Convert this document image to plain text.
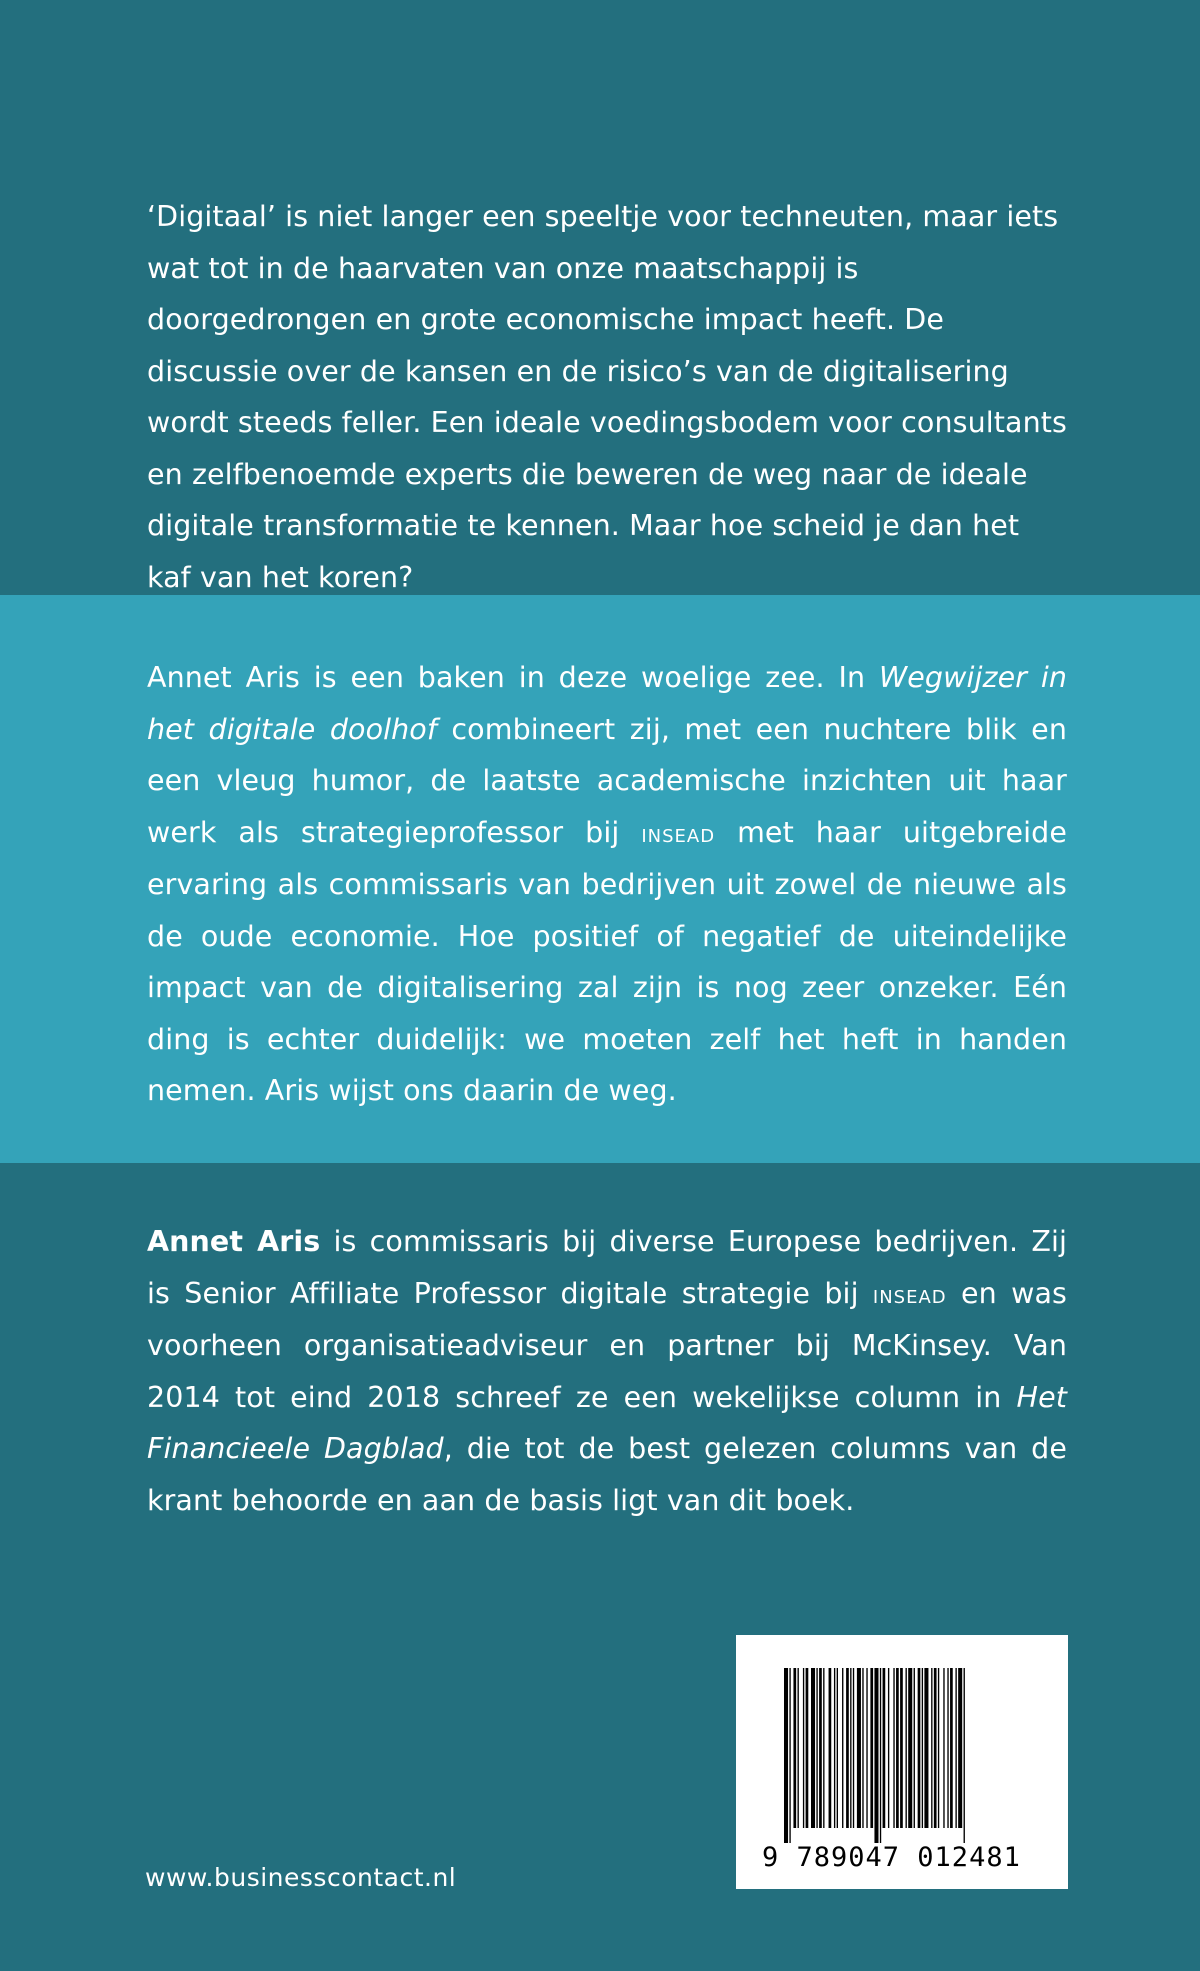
‘Digitaal’ is niet langer een speeltje voor techneuten, maar iets wat tot in de haarvaten van onze maatschappij is doorgedrongen en grote economische impact heeft. De discussie over de kansen en de risico’s van de digitalisering wordt steeds feller. Een ideale voedingsbodem voor consultants en zelfbenoemde experts die beweren de weg naar de ideale digitale transformatie te kennen. Maar hoe scheid je dan het kaf van het koren?

Annet Aris is een baken in deze woelige zee. In Wegwijzer in het digitale doolhof combineert zij, met een nuchtere blik en een vleug humor, de laatste academische inzichten uit haar werk als strategieprofessor bij insead met haar uitgebreide ervaring als commissaris van bedrijven uit zowel de nieuwe als de oude economie. Hoe positief of negatief de uiteindelijke impact van de digitalisering zal zijn is nog zeer onzeker. Eén ding is echter duidelijk: we moeten zelf het heft in handen nemen. Aris wijst ons daarin de weg.

Annet Aris is commissaris bij diverse Europese bedrijven. Zij is Senior Affiliate Professor digitale strategie bij insead en was voorheen organisatieadviseur en partner bij McKinsey. Van 2014 tot eind 2018 schreef ze een wekelijkse column in Het Financieele Dagblad, die tot de best gelezen columns van de krant behoorde en aan de basis ligt van dit boek.

9 789047 012481
www.businesscontact.nl
